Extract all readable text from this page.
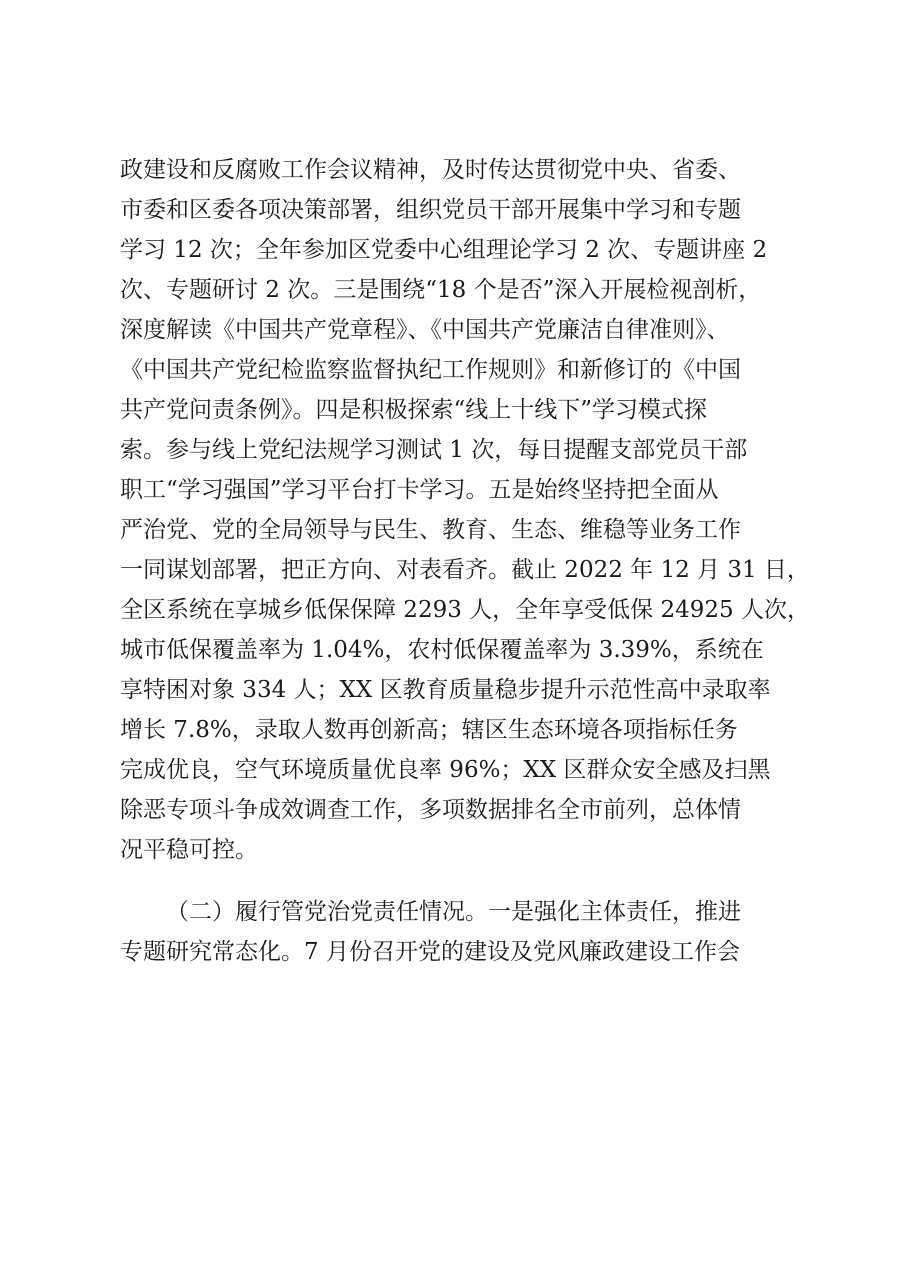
政建设和反腐败工作会议精神，及时传达贯彻党中央、省委、
市委和区委各项决策部署，组织党员干部开展集中学习和专题
学习 12 次；全年参加区党委中心组理论学习 2 次、专题讲座 2
次、专题研讨 2 次。三是围绕“18 个是否”深入开展检视剖析，
深度解读《中国共产党章程》、《中国共产党廉洁自律准则》、
《中国共产党纪检监察监督执纪工作规则》和新修订的《中国
共产党问责条例》。四是积极探索“线上十线下”学习模式探
索。参与线上党纪法规学习测试 1 次，每日提醒支部党员干部
职工“学习强国”学习平台打卡学习。五是始终坚持把全面从
严治党、党的全局领导与民生、教育、生态、维稳等业务工作
一同谋划部署，把正方向、对表看齐。截止 2022 年 12 月 31 日，
全区系统在享城乡低保保障 2293 人，全年享受低保 24925 人次，
城市低保覆盖率为 1.04%，农村低保覆盖率为 3.39%，系统在
享特困对象 334 人；XX 区教育质量稳步提升示范性高中录取率
增长 7.8%，录取人数再创新高；辖区生态环境各项指标任务
完成优良，空气环境质量优良率 96%；XX 区群众安全感及扫黑
除恶专项斗争成效调查工作，多项数据排名全市前列，总体情
况平稳可控。
（二）履行管党治党责任情况。一是强化主体责任，推进
专题研究常态化。7 月份召开党的建设及党风廉政建设工作会
